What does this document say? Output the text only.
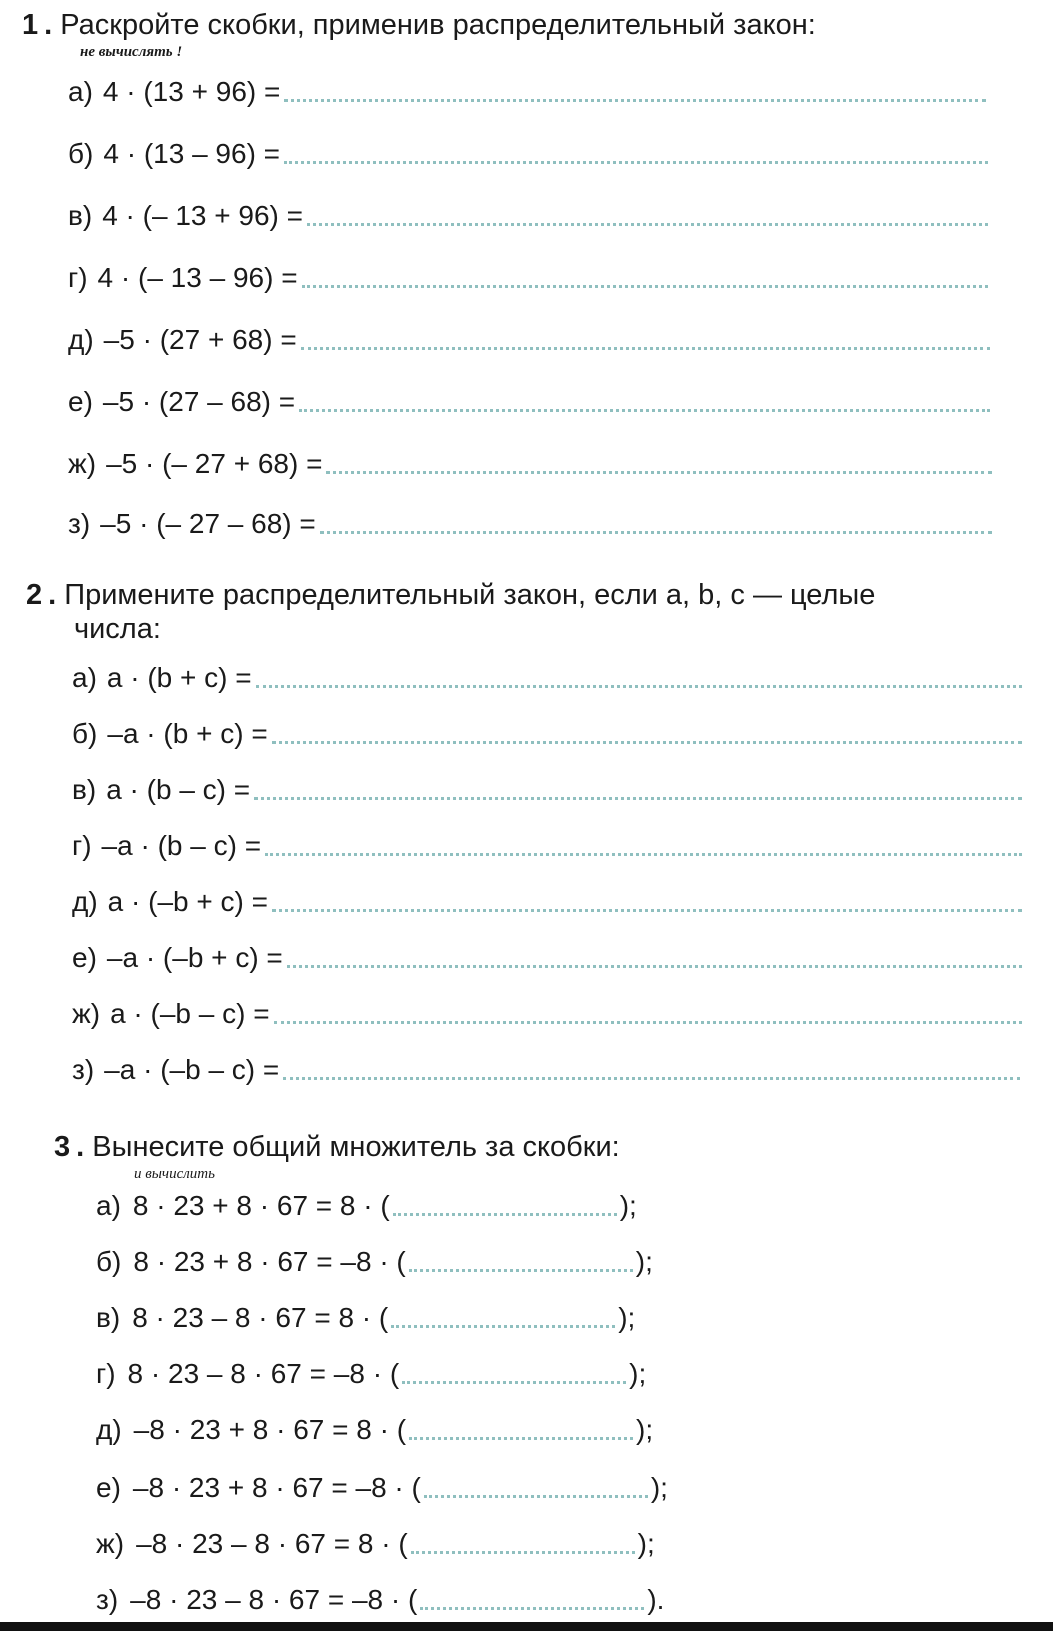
1 . Раскройте скобки, применив распределительный закон:
не вычислять !
а) 4 · (13 + 96) =
б) 4 · (13 – 96) =
в) 4 · (– 13 + 96) =
г) 4 · (– 13 – 96) =
д) –5 · (27 + 68) =
е) –5 · (27 – 68) =
ж) –5 · (– 27 + 68) =
з) –5 · (– 27 – 68) =
2 . Примените распределительный закон, если a, b, c — целые
числа:
а) a · (b + c) =
б) –a · (b + c) =
в) a · (b – c) =
г) –a · (b – c) =
д) a · (–b + c) =
е) –a · (–b + c) =
ж) a · (–b – c) =
з) –a · (–b – c) =
3 . Вынесите общий множитель за скобки:
и вычислить
а) 8 · 23 + 8 · 67 = 8 · (	);
б) 8 · 23 + 8 · 67 = –8 · (	);
в) 8 · 23 – 8 · 67 = 8 · (	);
г) 8 · 23 – 8 · 67 = –8 · (	);
д) –8 · 23 + 8 · 67 = 8 · (	);
е) –8 · 23 + 8 · 67 = –8 · (	);
ж) –8 · 23 – 8 · 67 = 8 · (	);
з) –8 · 23 – 8 · 67 = –8 · (	).
